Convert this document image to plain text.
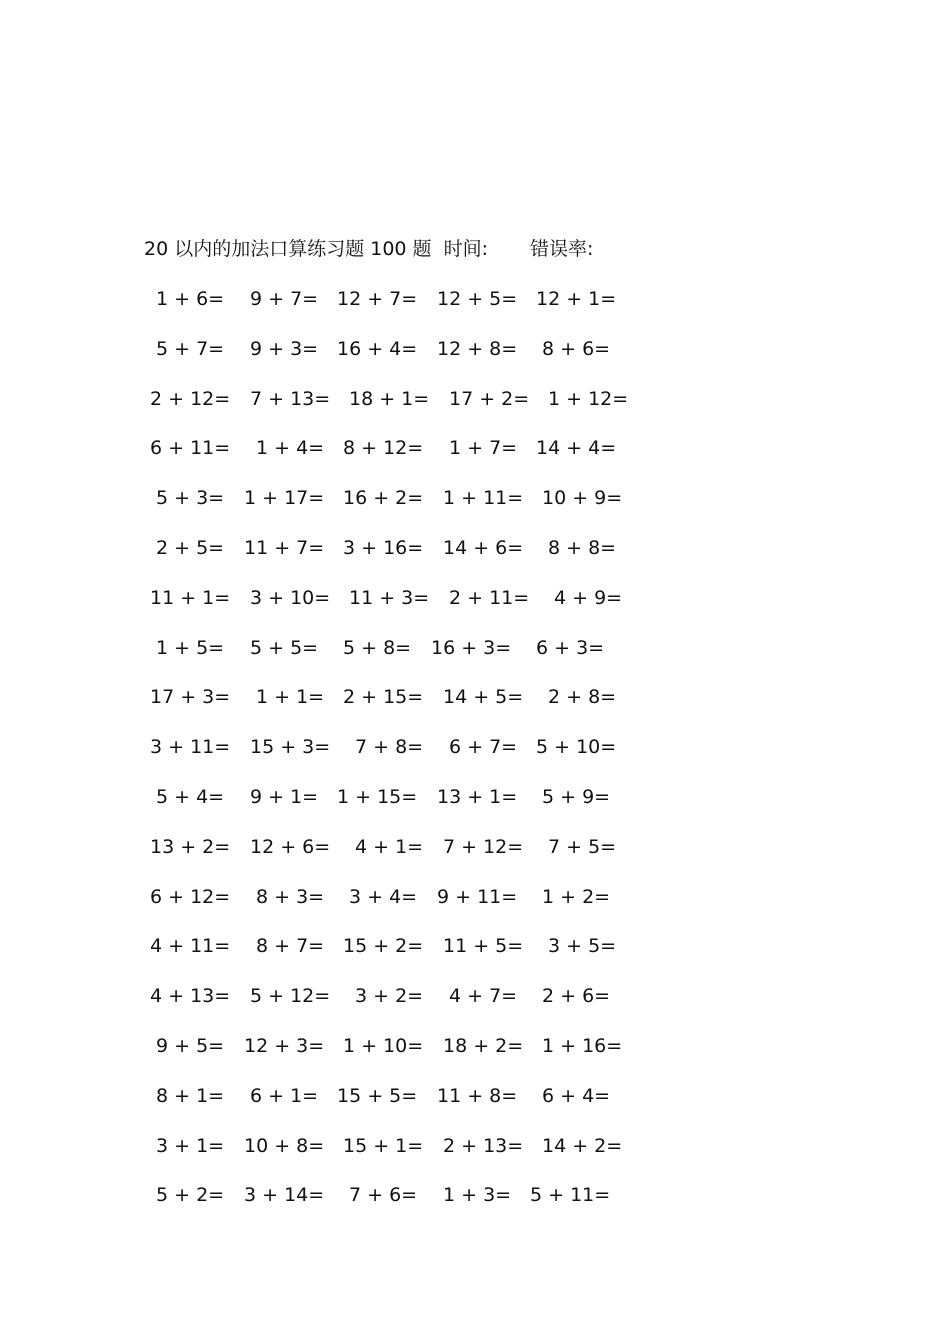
20 以内的加法口算练习题 100 题 时间: 错误率:
1 + 6= 9 + 7= 12 + 7= 12 + 5= 12 + 1=
5 + 7= 9 + 3= 16 + 4= 12 + 8= 8 + 6=
2 + 12= 7 + 13= 18 + 1= 17 + 2= 1 + 12=
6 + 11= 1 + 4= 8 + 12= 1 + 7= 14 + 4=
5 + 3= 1 + 17= 16 + 2= 1 + 11= 10 + 9=
2 + 5= 11 + 7= 3 + 16= 14 + 6= 8 + 8=
11 + 1= 3 + 10= 11 + 3= 2 + 11= 4 + 9=
1 + 5= 5 + 5= 5 + 8= 16 + 3= 6 + 3=
17 + 3= 1 + 1= 2 + 15= 14 + 5= 2 + 8=
3 + 11= 15 + 3= 7 + 8= 6 + 7= 5 + 10=
5 + 4= 9 + 1= 1 + 15= 13 + 1= 5 + 9=
13 + 2= 12 + 6= 4 + 1= 7 + 12= 7 + 5=
6 + 12= 8 + 3= 3 + 4= 9 + 11= 1 + 2=
4 + 11= 8 + 7= 15 + 2= 11 + 5= 3 + 5=
4 + 13= 5 + 12= 3 + 2= 4 + 7= 2 + 6=
9 + 5= 12 + 3= 1 + 10= 18 + 2= 1 + 16=
8 + 1= 6 + 1= 15 + 5= 11 + 8= 6 + 4=
3 + 1= 10 + 8= 15 + 1= 2 + 13= 14 + 2=
5 + 2= 3 + 14= 7 + 6= 1 + 3= 5 + 11=
